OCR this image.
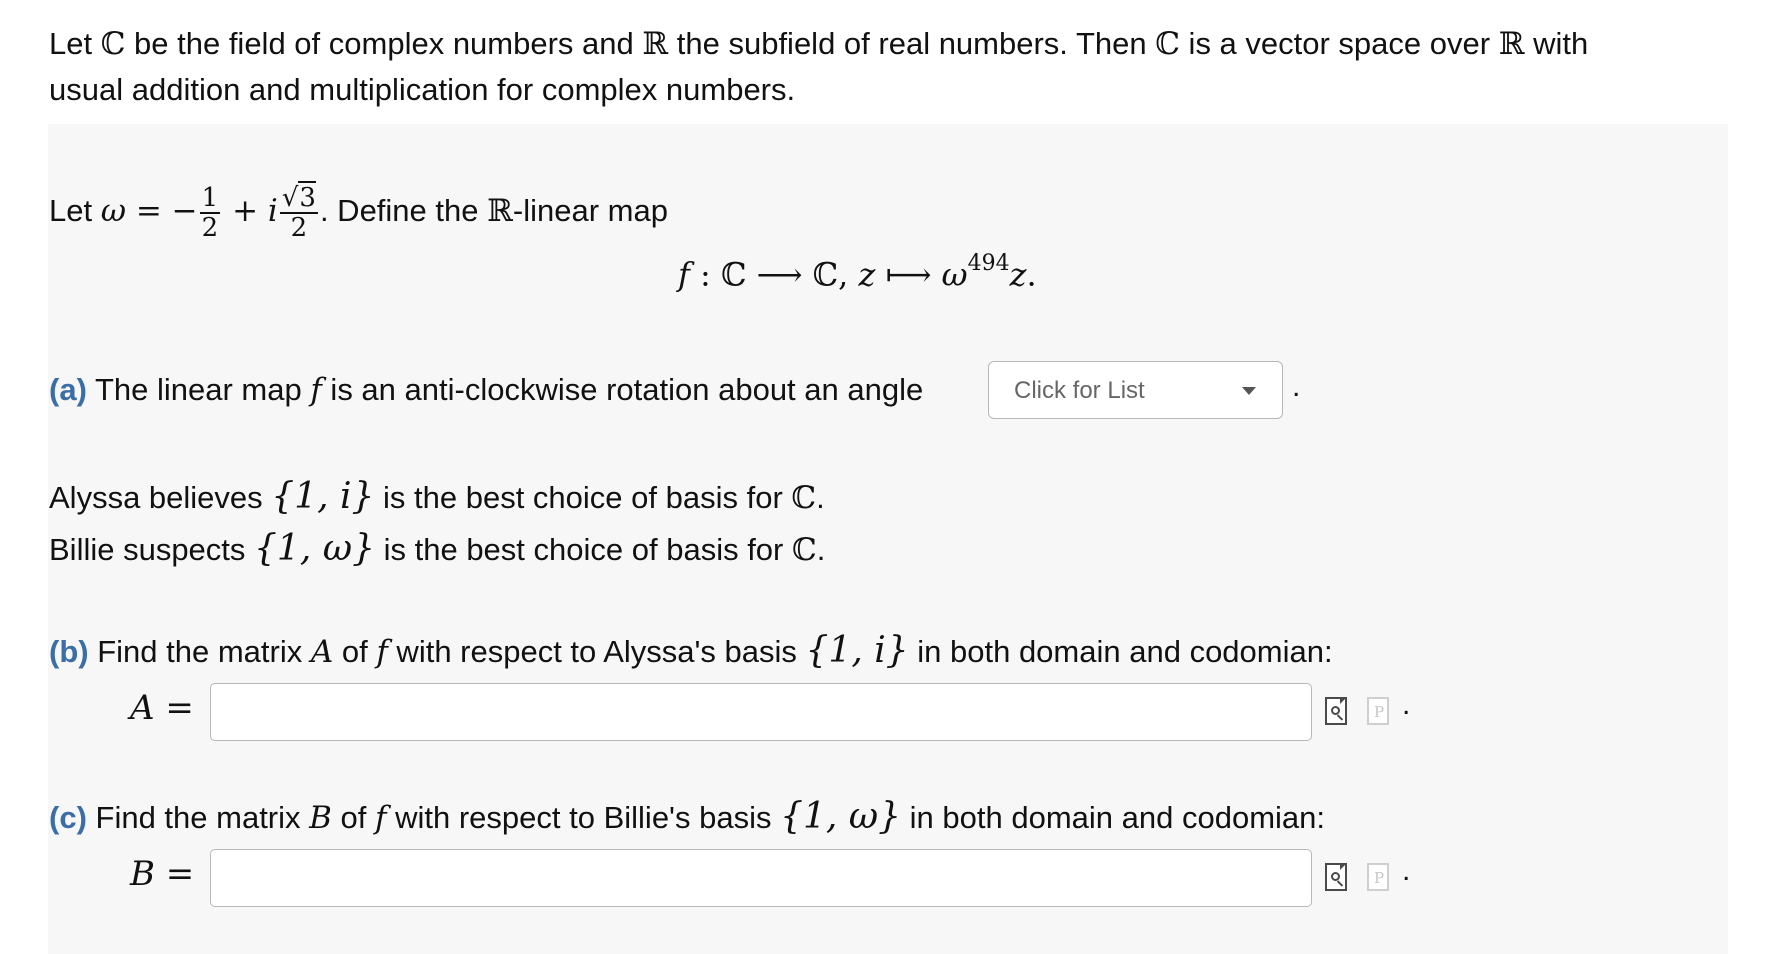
Let ℂ be the field of complex numbers and ℝ the subfield of real numbers. Then ℂ is a vector space over ℝ with
usual addition and multiplication for complex numbers.
Let ω = − $\frac{1}{2} + i \frac{√3}{2}$ . Define the ℝ-linear map
f : ℂ ⟶ ℂ, z ⟼ $\omega^{494}z$.
(a) The linear map f is an anti-clockwise rotation about an angle	Click for List	.
Alyssa believes {1, i} is the best choice of basis for ℂ.
Billie suspects {1, ω} is the best choice of basis for ℂ.
(b) Find the matrix A of f with respect to Alyssa's basis {1, i} in both domain and codomian:
A =	P .
(c) Find the matrix B of f with respect to Billie's basis {1, ω} in both domain and codomian:
B =	P .
